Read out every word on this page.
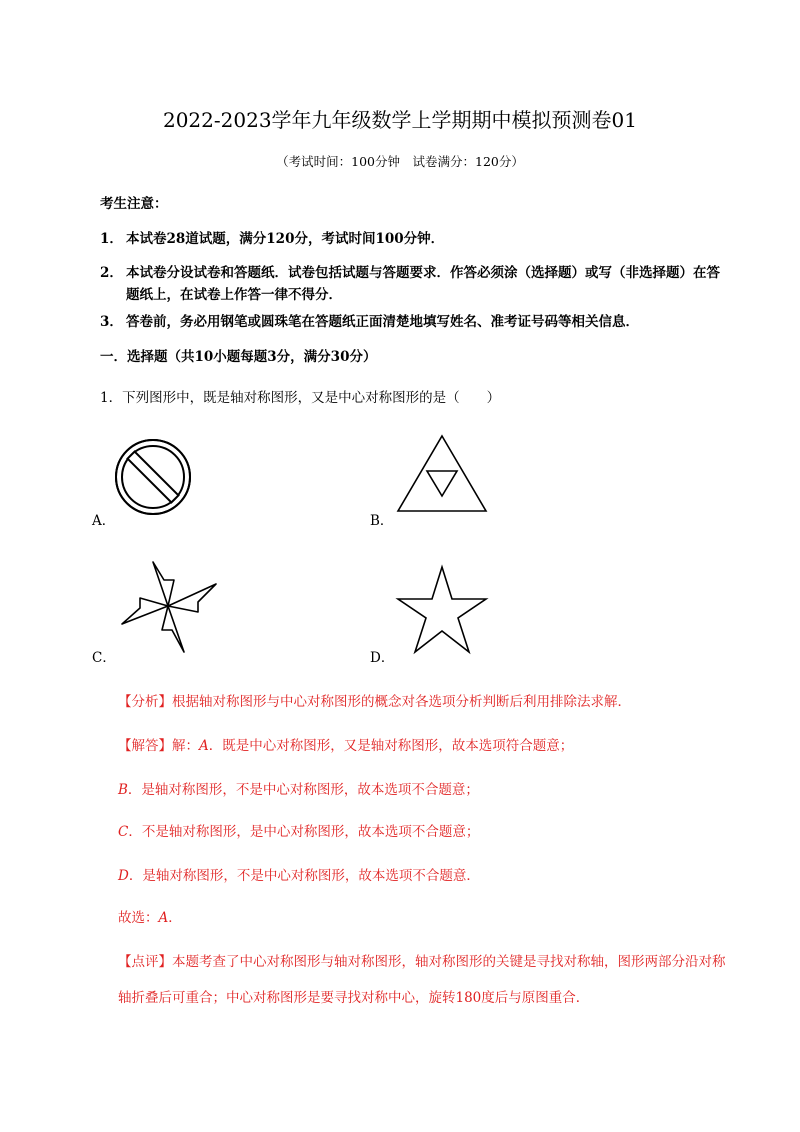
2022-2023学年九年级数学上学期期中模拟预测卷01
（考试时间：100分钟　试卷满分：120分）
考生注意：
1． 本试卷28道试题，满分120分，考试时间100分钟．
2． 本试卷分设试卷和答题纸．试卷包括试题与答题要求．作答必须涂（选择题）或写（非选择题）在答
题纸上，在试卷上作答一律不得分．
3． 答卷前，务必用钢笔或圆珠笔在答题纸正面清楚地填写姓名、准考证号码等相关信息．
一．选择题（共10小题每题3分，满分30分）
1．下列图形中，既是轴对称图形，又是中心对称图形的是（　　）
A．	B．
C．	D．
【分析】根据轴对称图形与中心对称图形的概念对各选项分析判断后利用排除法求解．
【解答】解：A．既是中心对称图形，又是轴对称图形，故本选项符合题意；
B．是轴对称图形，不是中心对称图形，故本选项不合题意；
C．不是轴对称图形，是中心对称图形，故本选项不合题意；
D．是轴对称图形，不是中心对称图形，故本选项不合题意．
故选：A．
【点评】本题考查了中心对称图形与轴对称图形，轴对称图形的关键是寻找对称轴，图形两部分沿对称
轴折叠后可重合；中心对称图形是要寻找对称中心，旋转180度后与原图重合．
